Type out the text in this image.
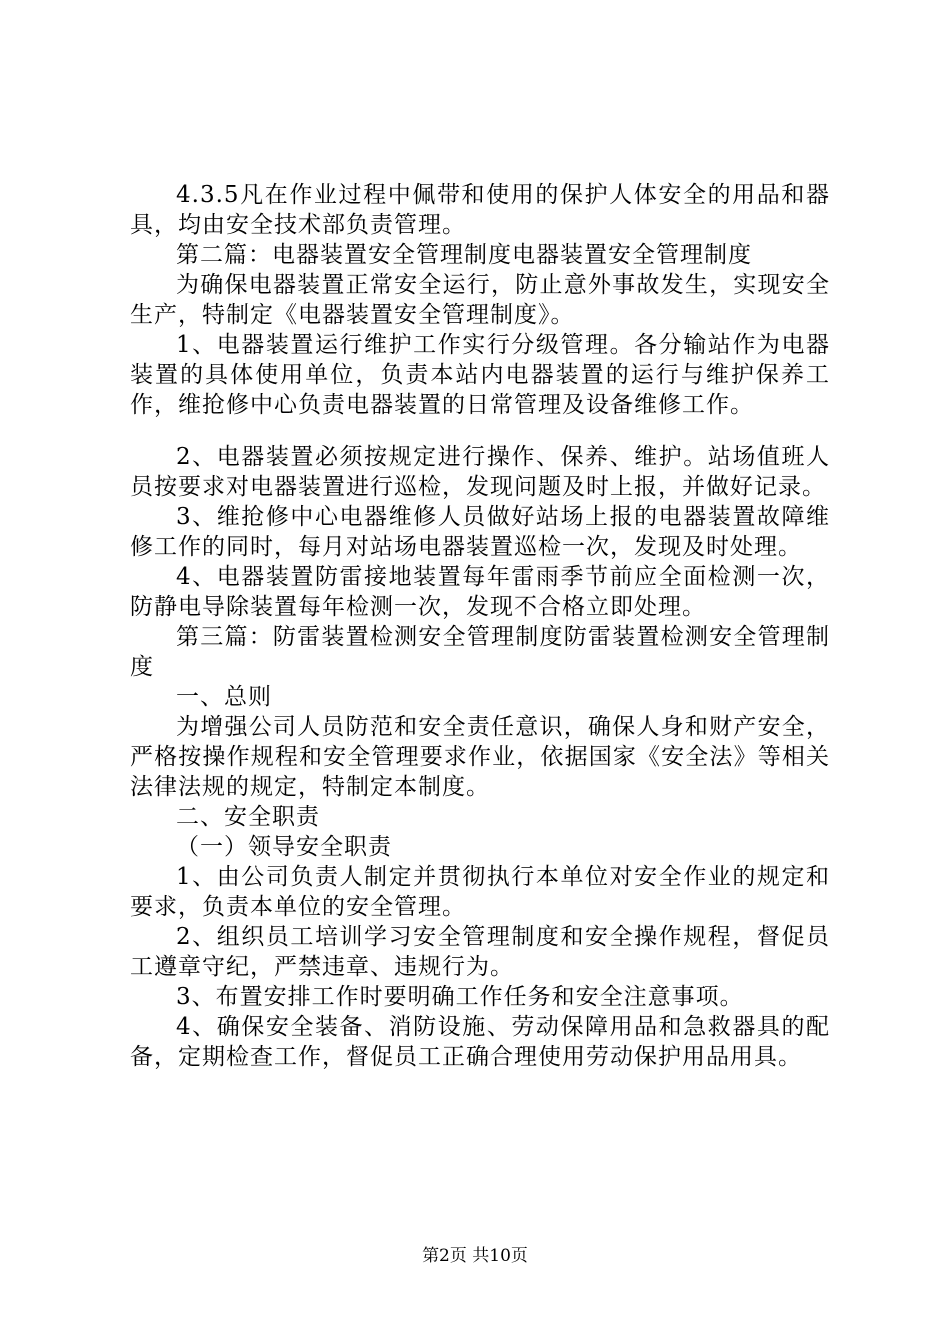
4.3.5凡在作业过程中佩带和使用的保护人体安全的用品和器具，均由安全技术部负责管理。

第二篇：电器装置安全管理制度电器装置安全管理制度

为确保电器装置正常安全运行，防止意外事故发生，实现安全生产，特制定《电器装置安全管理制度》。

1、电器装置运行维护工作实行分级管理。各分输站作为电器装置的具体使用单位，负责本站内电器装置的运行与维护保养工作，维抢修中心负责电器装置的日常管理及设备维修工作。

2、电器装置必须按规定进行操作、保养、维护。站场值班人员按要求对电器装置进行巡检，发现问题及时上报，并做好记录。

3、维抢修中心电器维修人员做好站场上报的电器装置故障维修工作的同时，每月对站场电器装置巡检一次，发现及时处理。

4、电器装置防雷接地装置每年雷雨季节前应全面检测一次，防静电导除装置每年检测一次，发现不合格立即处理。

第三篇：防雷装置检测安全管理制度防雷装置检测安全管理制度

一、总则

为增强公司人员防范和安全责任意识，确保人身和财产安全，严格按操作规程和安全管理要求作业，依据国家《安全法》等相关法律法规的规定，特制定本制度。

二、安全职责

（一）领导安全职责

1、由公司负责人制定并贯彻执行本单位对安全作业的规定和要求，负责本单位的安全管理。

2、组织员工培训学习安全管理制度和安全操作规程，督促员工遵章守纪，严禁违章、违规行为。

3、布置安排工作时要明确工作任务和安全注意事项。

4、确保安全装备、消防设施、劳动保障用品和急救器具的配备，定期检查工作，督促员工正确合理使用劳动保护用品用具。

第2页 共10页
